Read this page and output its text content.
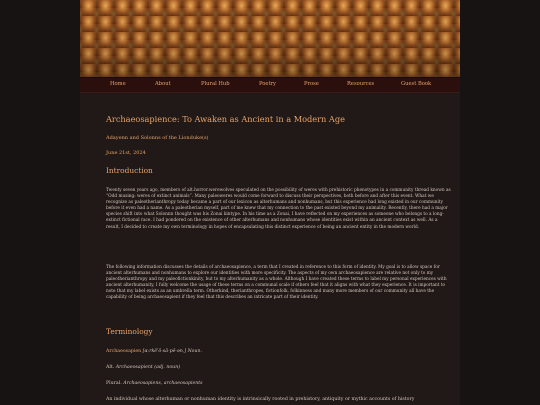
Home	About	Plural Hub	Poetry	Prose	Resources	Guest Book
Archaeosapience: To Awaken as Ancient in a Modern Age
Adayenn and Solonns of the Lionduke(s)
June 21st, 2024
Introduction

Twenty seven years ago, members of alt.horror.werewolves speculated on the possibility of weres with prehistoric phenotypes in a community thread known as “Odd musing: weres of extinct animals”. Many paleoweres would come forward to discuss their perspectives, both before and after this event. What we recognize as paleotherianthropy today became a part of our lexicon as alterhumans and nonhumans, but this experience had long existed in our community before it even had a name. As a paleotherian myself, part of me knew that my connection to the past existed beyond my animality. Recently, there had a major species shift into what Solonnn thought was his Zonai kintype. In his time as a Zonai, I have reflected on my experiences as someone who belongs to a long-extinct fictional race. I had pondered on the existence of other alterhumans and nonhumans whose identities exist within an ancient context as well. As a result, I decided to create my own terminology in hopes of encapsulating this distinct experience of being an ancient entity in the modern world.

The following information discusses the details of archaeosapience, a term that I created in reference to this form of identity. My goal is to allow space for ancient alterhumans and nonhumans to explore our identities with more specificity. The aspects of my own archaeosapience are relative not only to my paleotherianthropy and my paleofictionkinity, but to my alterhumanity as a whole. Although I have created these terms to label my personal experiences with ancient alterhumanity, I fully welcome the usage of these terms on a communal scale if others feel that it aligns with what they experience. It is important to note that my label exists as an umbrella term. Otherkind, therianthropes, fictionfolk, folkinness and many more members of our community all have the capability of being archaeosapient if they feel that this describes an intricate part of their identity.

Terminology

Archaeosapien [ɑːrkēˈō-sā-pē-ən,] Noun.

Alt. Archaeosapient (adj. noun)

Plural. Archaeosapiens, archaeosapients

An individual whose alterhuman or nonhuman identity is intrinsically rooted in prehistory, antiquity or mythic accounts of history
